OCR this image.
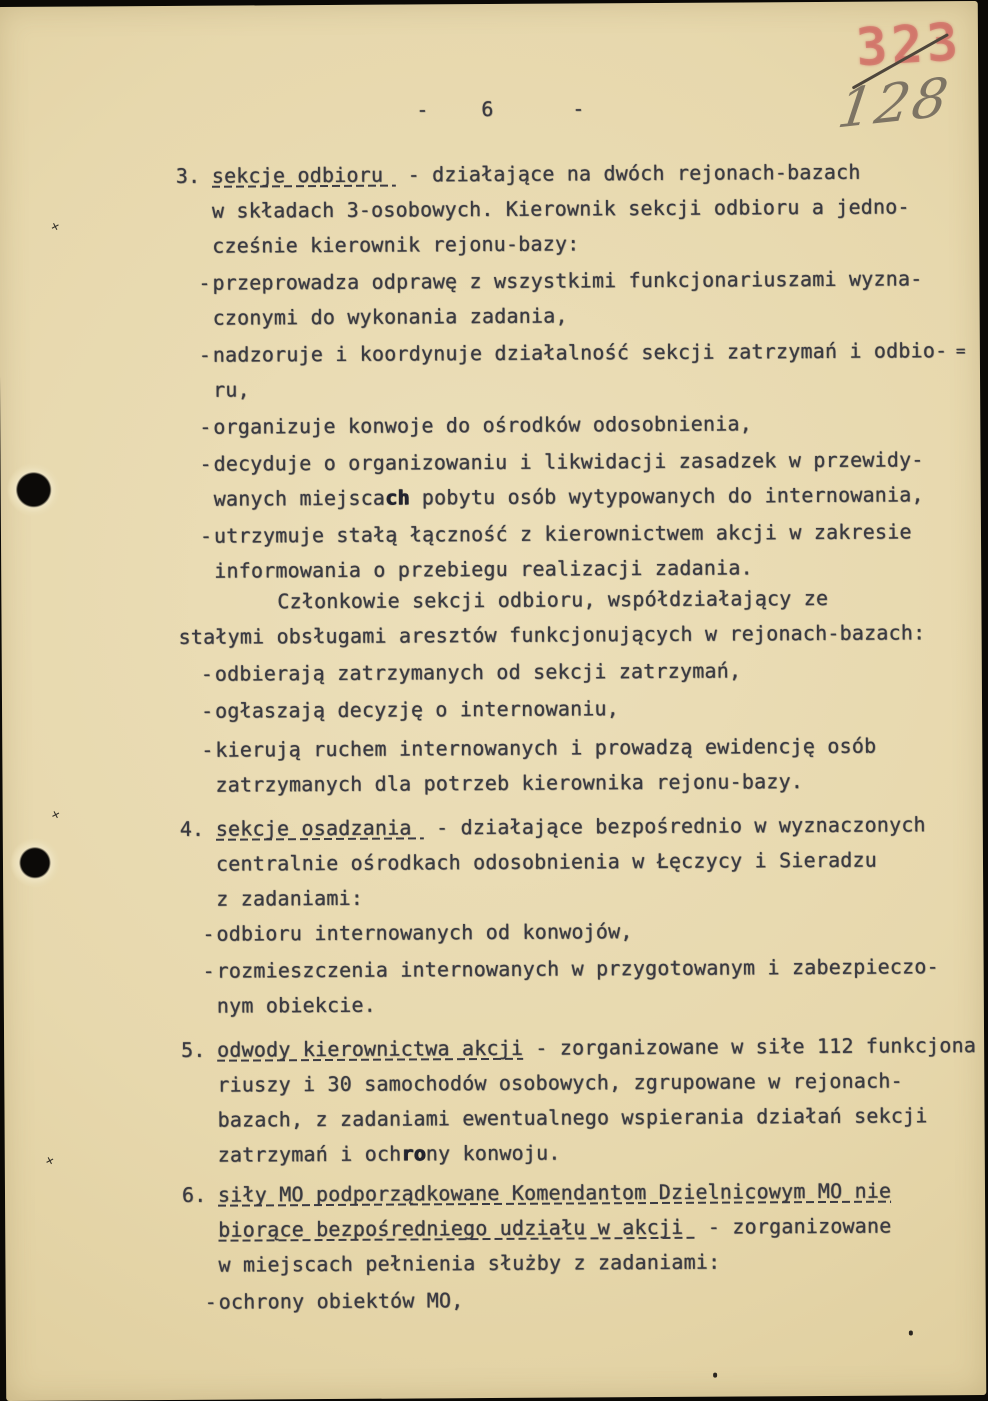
-	6	-
323
128
×
×
×
=
3. sekcje odbioru  - działające na dwóch rejonach-bazach
w składach 3-osobowych. Kierownik sekcji odbioru a jedno-
cześnie kierownik rejonu-bazy:
- przeprowadza odprawę z wszystkimi funkcjonariuszami wyzna-
czonymi do wykonania zadania,
- nadzoruje i koordynuje działalność sekcji zatrzymań i odbio-
ru,
- organizuje konwoje do ośrodków odosobnienia,
- decyduje o organizowaniu i likwidacji zasadzek w przewidy-
wanych miejscach pobytu osób wytypowanych do internowania,
- utrzymuje stałą łączność z kierownictwem akcji w zakresie
informowania o przebiegu realizacji zadania.
Członkowie sekcji odbioru, współdziałający ze
stałymi obsługami aresztów funkcjonujących w rejonach-bazach:
- odbierają zatrzymanych od sekcji zatrzymań,
- ogłaszają decyzję o internowaniu,
- kierują ruchem internowanych i prowadzą ewidencję osób
zatrzymanych dla potrzeb kierownika rejonu-bazy.
4. sekcje osadzania  - działające bezpośrednio w wyznaczonych
centralnie ośrodkach odosobnienia w Łęczycy i Sieradzu
z zadaniami:
- odbioru internowanych od konwojów,
- rozmieszczenia internowanych w przygotowanym i zabezpieczo-
nym obiekcie.
5. odwody kierownictwa akcji - zorganizowane w siłe 112 funkcjona
riuszy i 30 samochodów osobowych, zgrupowane w rejonach-
bazach, z zadaniami ewentualnego wspierania działań sekcji
zatrzymań i ochrony konwoju.
6. siły MO podporządkowane Komendantom Dzielnicowym MO nie
biorące bezpośredniego udziału w akcji  - zorganizowane
w miejscach pełnienia służby z zadaniami:
- ochrony obiektów MO,
